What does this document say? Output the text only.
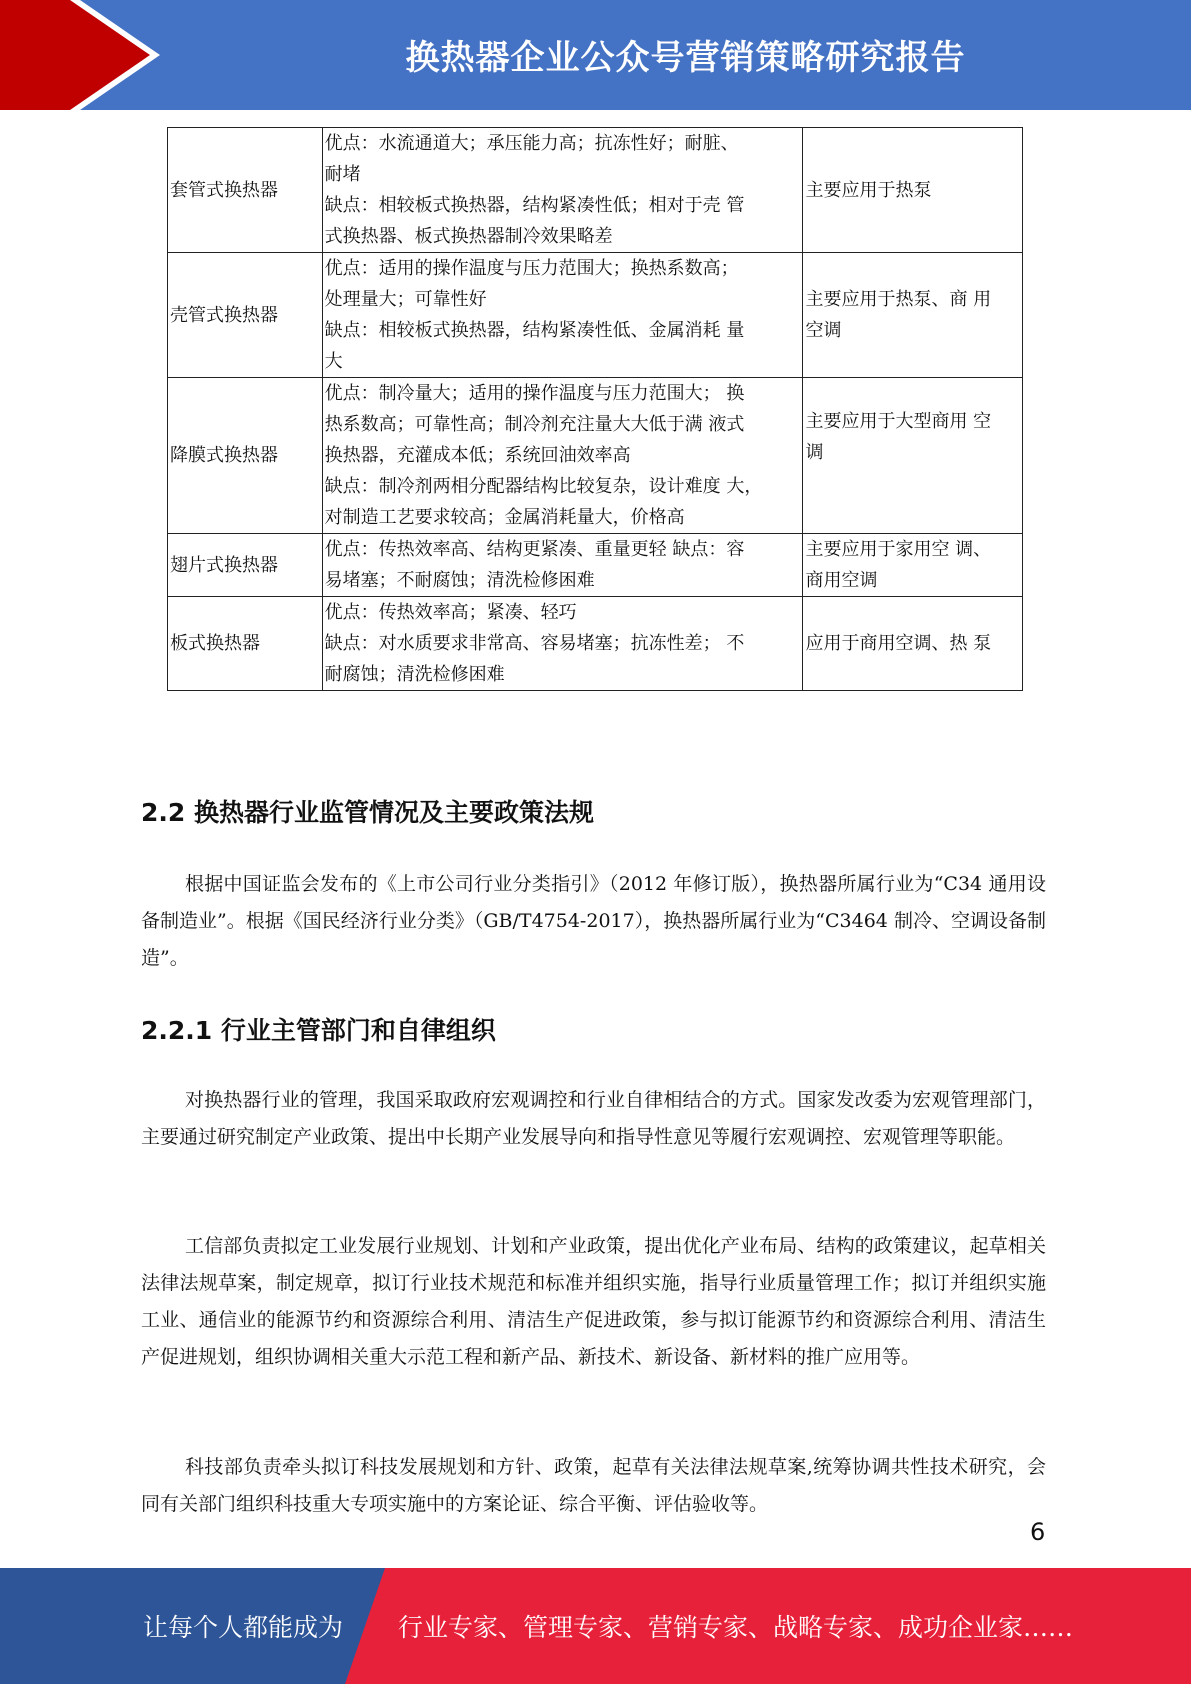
换热器企业公众号营销策略研究报告
套管式换热器	优点：水流通道大；承压能力高；抗冻性好；耐脏、
耐堵
缺点：相较板式换热器，结构紧凑性低；相对于壳 管
式换热器、板式换热器制冷效果略差	主要应用于热泵

壳管式换热器	优点：适用的操作温度与压力范围大；换热系数高；
处理量大；可靠性好
缺点：相较板式换热器，结构紧凑性低、金属消耗 量
大	主要应用于热泵、商 用
空调

降膜式换热器	优点：制冷量大；适用的操作温度与压力范围大； 换
热系数高；可靠性高；制冷剂充注量大大低于满 液式
换热器，充灌成本低；系统回油效率高
缺点：制冷剂两相分配器结构比较复杂，设计难度 大，
对制造工艺要求较高；金属消耗量大，价格高	主要应用于大型商用 空
调

翅片式换热器	优点：传热效率高、结构更紧凑、重量更轻 缺点：容
易堵塞；不耐腐蚀；清洗检修困难	主要应用于家用空 调、
商用空调

板式换热器	优点：传热效率高；紧凑、轻巧
缺点：对水质要求非常高、容易堵塞；抗冻性差； 不
耐腐蚀；清洗检修困难	应用于商用空调、热 泵
2.2 换热器行业监管情况及主要政策法规
根据中国证监会发布的《上市公司行业分类指引》（2012 年修订版），换热器所属行业为“C34 通用设备制造业”。根据《国民经济行业分类》（GB/T4754-2017），换热器所属行业为“C3464 制冷、空调设备制造”。
2.2.1 行业主管部门和自律组织
对换热器行业的管理，我国采取政府宏观调控和行业自律相结合的方式。国家发改委为宏观管理部门，主要通过研究制定产业政策、提出中长期产业发展导向和指导性意见等履行宏观调控、宏观管理等职能。
工信部负责拟定工业发展行业规划、计划和产业政策，提出优化产业布局、结构的政策建议，起草相关法律法规草案，制定规章，拟订行业技术规范和标准并组织实施，指导行业质量管理工作；拟订并组织实施工业、通信业的能源节约和资源综合利用、清洁生产促进政策，参与拟订能源节约和资源综合利用、清洁生产促进规划，组织协调相关重大示范工程和新产品、新技术、新设备、新材料的推广应用等。
科技部负责牵头拟订科技发展规划和方针、政策，起草有关法律法规草案,统筹协调共性技术研究，会同有关部门组织科技重大专项实施中的方案论证、综合平衡、评估验收等。
6
让每个人都能成为 行业专家、管理专家、营销专家、战略专家、成功企业家……
